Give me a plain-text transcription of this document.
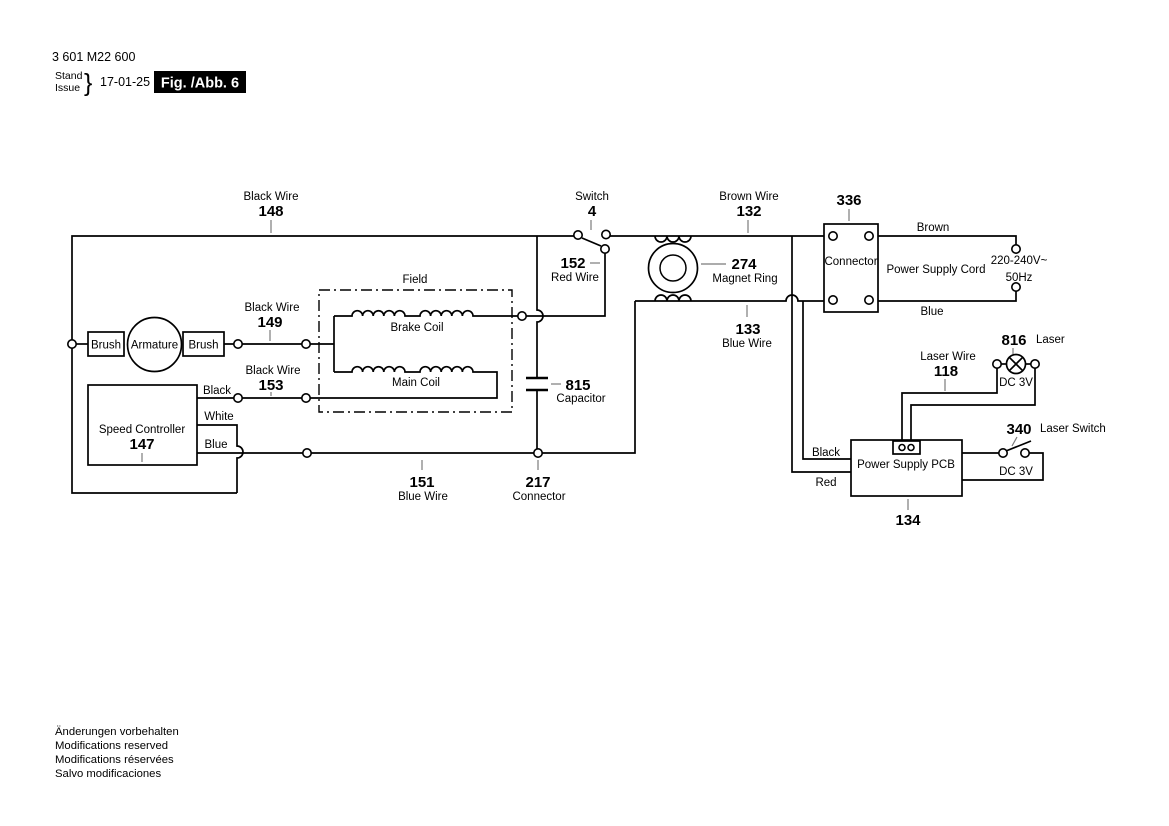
3 601 M22 600
Stand
Issue } 17-01-25 Fig. /Abb. 6
Black Wire
148
Switch
4
Brown Wire
132
336
Connector
Brown
Power Supply Cord
220-240V~
50Hz
Blue
152
Red Wire
274
Magnet Ring
133
Blue Wire
Field
Brake Coil
Main Coil
Black Wire
149
Black Wire
153
Brush Armature Brush
Speed Controller
147
Black
White
Blue
815
Capacitor
151
Blue Wire
217
Connector
816 Laser
Laser Wire
118
DC 3V
340 Laser Switch
DC 3V
Power Supply PCB
134
Black
Red
Änderungen vorbehalten
Modifications reserved
Modifications réservées
Salvo modificaciones
